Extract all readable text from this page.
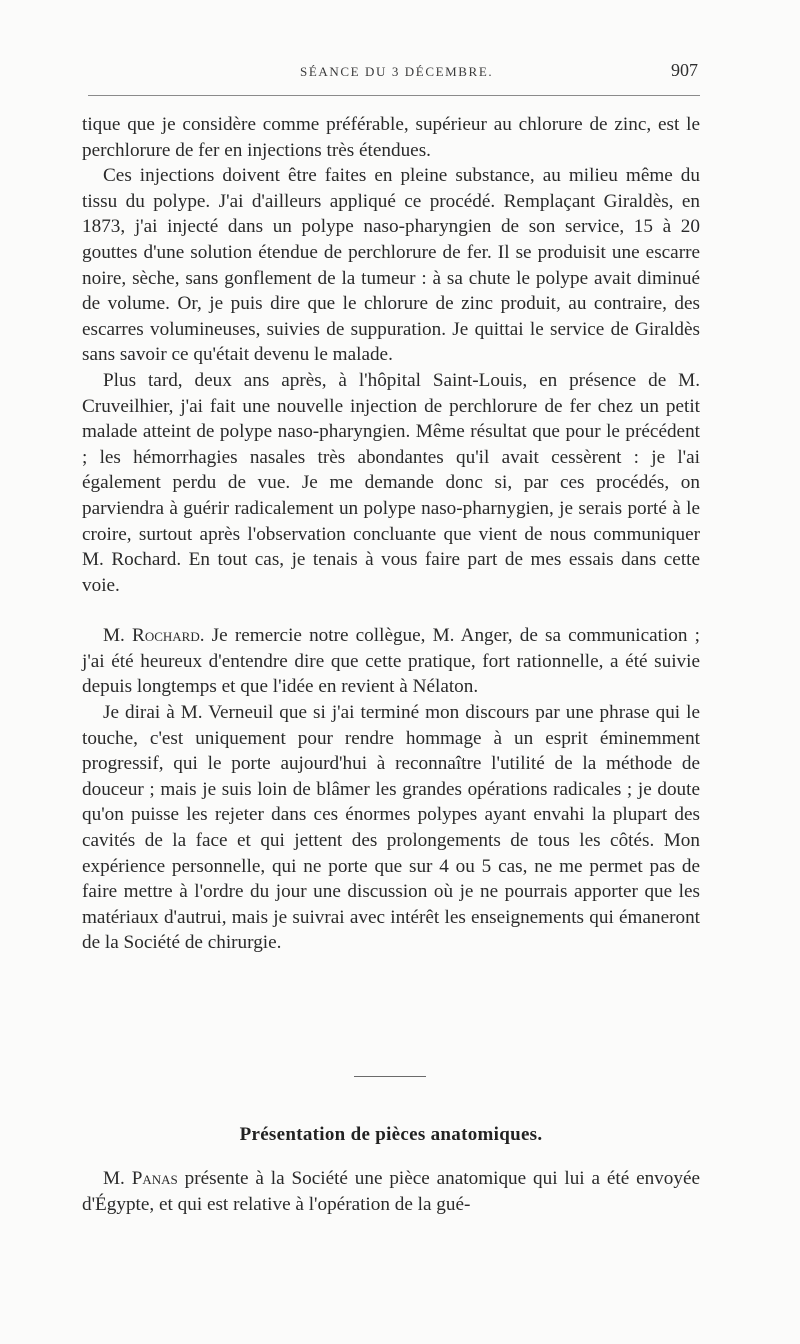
SÉANCE DU 3 DÉCEMBRE.	907

tique que je considère comme préférable, supérieur au chlorure de zinc, est le perchlorure de fer en injections très étendues.

Ces injections doivent être faites en pleine substance, au milieu même du tissu du polype. J'ai d'ailleurs appliqué ce procédé. Remplaçant Giraldès, en 1873, j'ai injecté dans un polype naso-pharyngien de son service, 15 à 20 gouttes d'une solution étendue de perchlorure de fer. Il se produisit une escarre noire, sèche, sans gonflement de la tumeur : à sa chute le polype avait diminué de volume. Or, je puis dire que le chlorure de zinc produit, au contraire, des escarres volumineuses, suivies de suppuration. Je quittai le service de Giraldès sans savoir ce qu'était devenu le malade.

Plus tard, deux ans après, à l'hôpital Saint-Louis, en présence de M. Cruveilhier, j'ai fait une nouvelle injection de perchlorure de fer chez un petit malade atteint de polype naso-pharyngien. Même résultat que pour le précédent ; les hémorrhagies nasales très abondantes qu'il avait cessèrent : je l'ai également perdu de vue. Je me demande donc si, par ces procédés, on parviendra à guérir radicalement un polype naso-pharnygien, je serais porté à le croire, surtout après l'observation concluante que vient de nous communiquer M. Rochard. En tout cas, je tenais à vous faire part de mes essais dans cette voie.

M. Rochard. Je remercie notre collègue, M. Anger, de sa communication ; j'ai été heureux d'entendre dire que cette pratique, fort rationnelle, a été suivie depuis longtemps et que l'idée en revient à Nélaton.

Je dirai à M. Verneuil que si j'ai terminé mon discours par une phrase qui le touche, c'est uniquement pour rendre hommage à un esprit éminemment progressif, qui le porte aujourd'hui à reconnaître l'utilité de la méthode de douceur ; mais je suis loin de blâmer les grandes opérations radicales ; je doute qu'on puisse les rejeter dans ces énormes polypes ayant envahi la plupart des cavités de la face et qui jettent des prolongements de tous les côtés. Mon expérience personnelle, qui ne porte que sur 4 ou 5 cas, ne me permet pas de faire mettre à l'ordre du jour une discussion où je ne pourrais apporter que les matériaux d'autrui, mais je suivrai avec intérêt les enseignements qui émaneront de la Société de chirurgie.

Présentation de pièces anatomiques.

M. Panas présente à la Société une pièce anatomique qui lui a été envoyée d'Égypte, et qui est relative à l'opération de la gué-
